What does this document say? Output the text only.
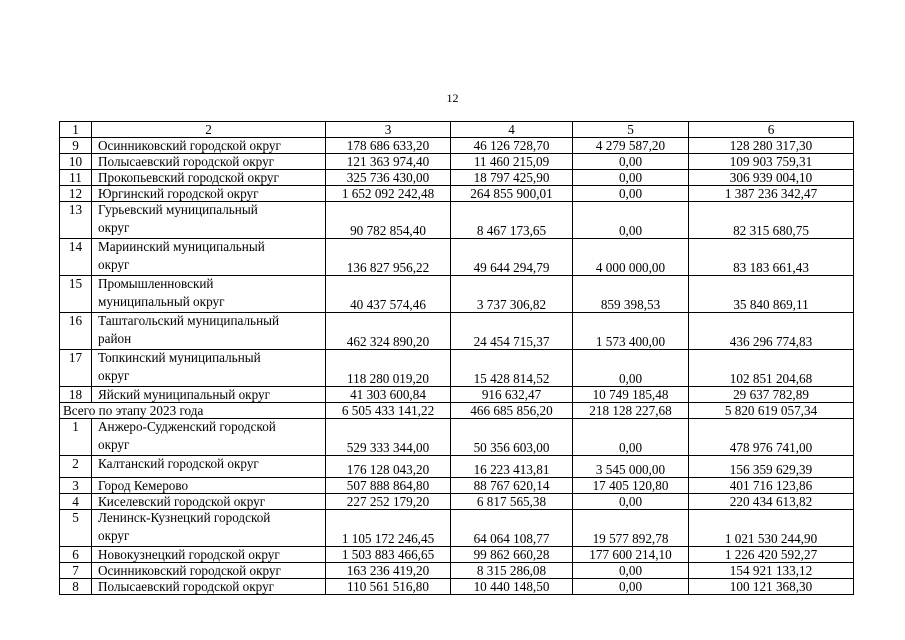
12
1	2	3	4	5	6
9	Осинниковский городской округ	178 686 633,20	46 126 728,70	4 279 587,20	128 280 317,30
10	Полысаевский городской округ	121 363 974,40	11 460 215,09	0,00	109 903 759,31
11	Прокопьевский городской округ	325 736 430,00	18 797 425,90	0,00	306 939 004,10
12	Юргинский городской округ	1 652 092 242,48	264 855 900,01	0,00	1 387 236 342,47
13	Гурьевский муниципальный
округ	90 782 854,40	8 467 173,65	0,00	82 315 680,75
14	Мариинский муниципальный
округ	136 827 956,22	49 644 294,79	4 000 000,00	83 183 661,43
15	Промышленновский
муниципальный округ	40 437 574,46	3 737 306,82	859 398,53	35 840 869,11
16	Таштагольский муниципальный
район	462 324 890,20	24 454 715,37	1 573 400,00	436 296 774,83
17	Топкинский муниципальный
округ	118 280 019,20	15 428 814,52	0,00	102 851 204,68
18	Яйский муниципальный округ	41 303 600,84	916 632,47	10 749 185,48	29 637 782,89
Всего по этапу 2023 года		6 505 433 141,22	466 685 856,20	218 128 227,68	5 820 619 057,34
1	Анжеро-Судженский городской
округ	529 333 344,00	50 356 603,00	0,00	478 976 741,00
2	Калтанский городской округ	176 128 043,20	16 223 413,81	3 545 000,00	156 359 629,39
3	Город Кемерово	507 888 864,80	88 767 620,14	17 405 120,80	401 716 123,86
4	Киселевский городской округ	227 252 179,20	6 817 565,38	0,00	220 434 613,82
5	Ленинск-Кузнецкий городской
округ	1 105 172 246,45	64 064 108,77	19 577 892,78	1 021 530 244,90
6	Новокузнецкий городской округ	1 503 883 466,65	99 862 660,28	177 600 214,10	1 226 420 592,27
7	Осинниковский городской округ	163 236 419,20	8 315 286,08	0,00	154 921 133,12
8	Полысаевский городской округ	110 561 516,80	10 440 148,50	0,00	100 121 368,30
